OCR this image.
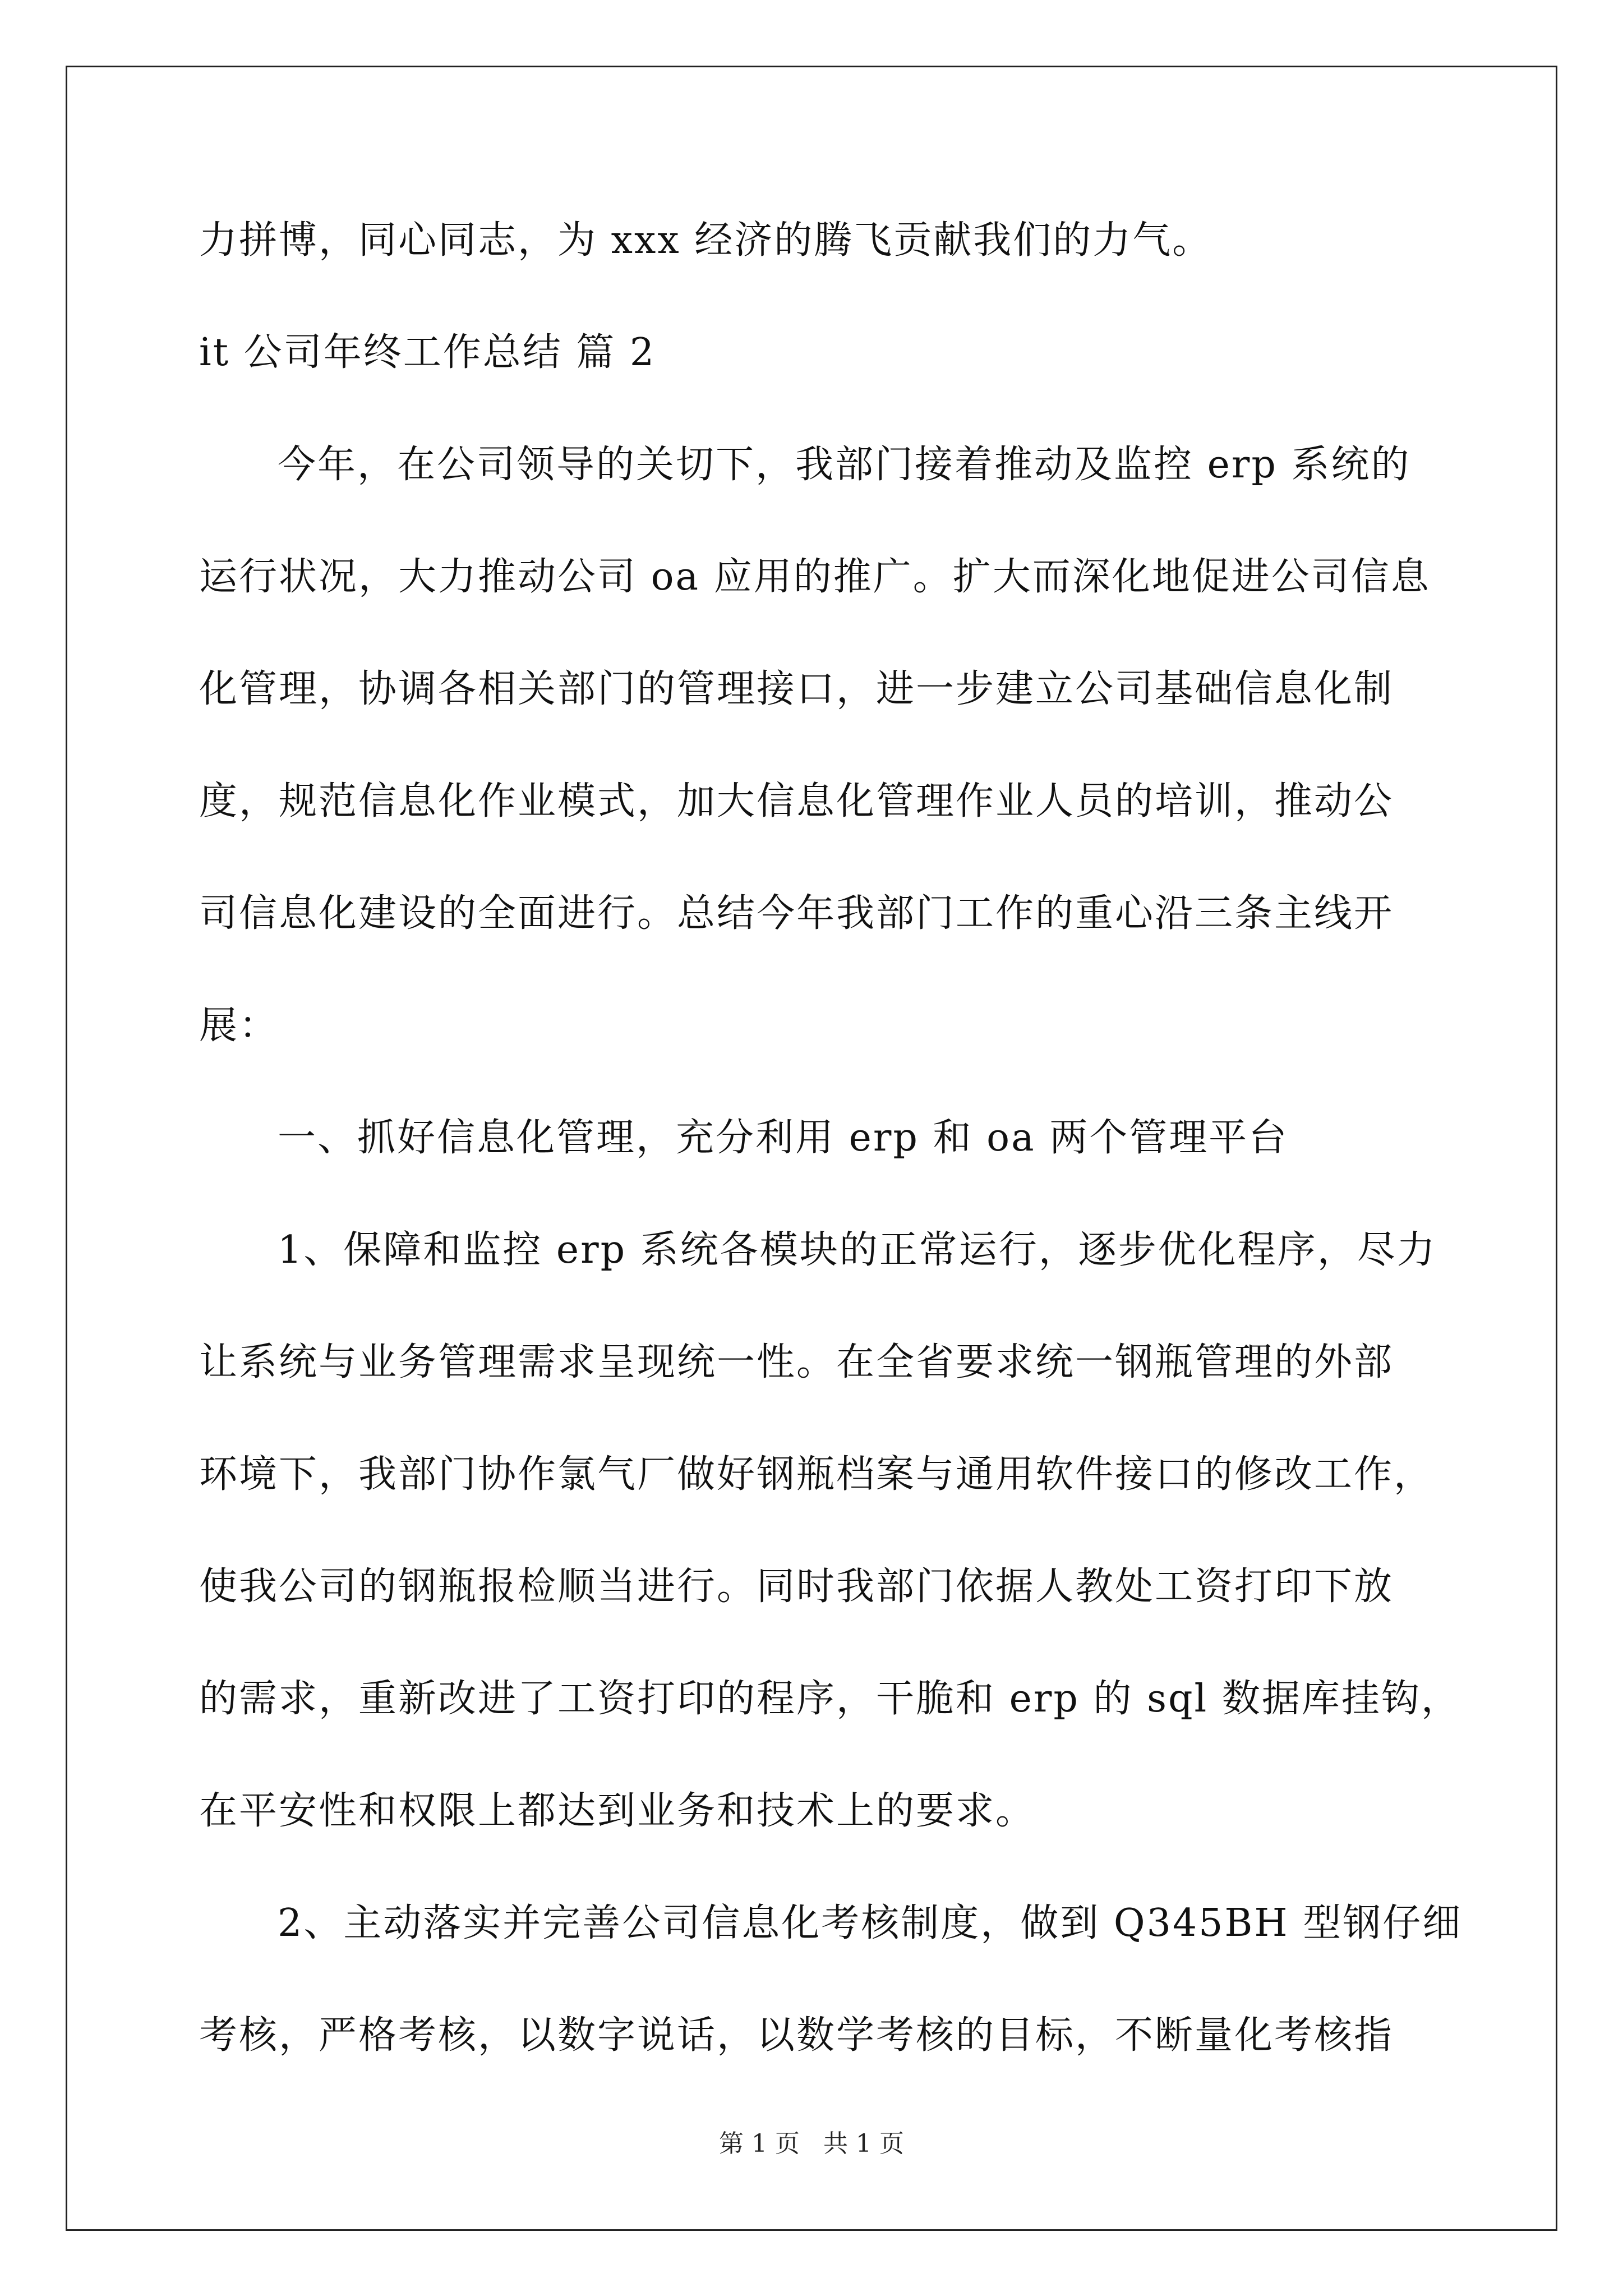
力拼博，同心同志，为 xxx 经济的腾飞贡献我们的力气。
it 公司年终工作总结 篇 2
今年，在公司领导的关切下，我部门接着推动及监控 erp 系统的
运行状况，大力推动公司 oa 应用的推广。扩大而深化地促进公司信息
化管理，协调各相关部门的管理接口，进一步建立公司基础信息化制
度，规范信息化作业模式，加大信息化管理作业人员的培训，推动公
司信息化建设的全面进行。总结今年我部门工作的重心沿三条主线开
展：
一、抓好信息化管理，充分利用 erp 和 oa 两个管理平台
1、保障和监控 erp 系统各模块的正常运行，逐步优化程序，尽力
让系统与业务管理需求呈现统一性。在全省要求统一钢瓶管理的外部
环境下，我部门协作氯气厂做好钢瓶档案与通用软件接口的修改工作，
使我公司的钢瓶报检顺当进行。同时我部门依据人教处工资打印下放
的需求，重新改进了工资打印的程序，干脆和 erp 的 sql 数据库挂钩，
在平安性和权限上都达到业务和技术上的要求。
2、主动落实并完善公司信息化考核制度，做到 Q345BH 型钢仔细
考核，严格考核，以数字说话，以数学考核的目标，不断量化考核指
第 1 页   共 1 页
